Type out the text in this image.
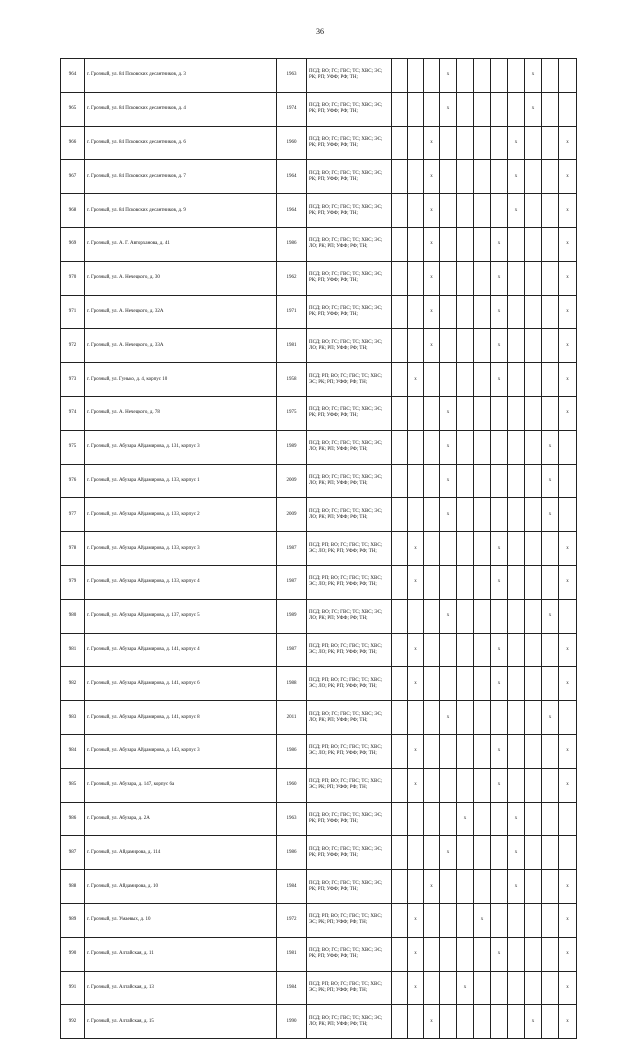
36
964	г. Грозный, ул. 84 Псковских десантников, д. 3	1963	ПСД; ВО; ГС; ГВС; ТС; ХВС; ЭС; РК; РП; УФФ; РФ; ТН;				x					x		
965	г. Грозный, ул. 84 Псковских десантников, д. 4	1974	ПСД; ВО; ГС; ГВС; ТС; ХВС; ЭС; РК; РП; УФФ; РФ; ТН;				x					x		
966	г. Грозный, ул. 84 Псковских десантников, д. 6	1960	ПСД; ВО; ГС; ГВС; ТС; ХВС; ЭС; РК; РП; УФФ; РФ; ТН;			x					x			x
967	г. Грозный, ул. 84 Псковских десантников, д. 7	1964	ПСД; ВО; ГС; ГВС; ТС; ХВС; ЭС; РК; РП; УФФ; РФ; ТН;			x					x			x
968	г. Грозный, ул. 84 Псковских десантников, д. 9	1964	ПСД; ВО; ГС; ГВС; ТС; ХВС; ЭС; РК; РП; УФФ; РФ; ТН;			x					x			x
969	г. Грозный, ул. А. Г. Авторханова, д. 41	1986	ПСД; ВО; ГС; ГВС; ТС; ХВС; ЭС; ЛО; РК; РП; УФФ; РФ; ТН;			x				x				x
970	г. Грозный, ул. А. Нечецкого, д. 30	1962	ПСД; ВО; ГС; ГВС; ТС; ХВС; ЭС; РК; РП; УФФ; РФ; ТН;			x				x				x
971	г. Грозный, ул. А. Нечецкого, д. 32А	1971	ПСД; ВО; ГС; ГВС; ТС; ХВС; ЭС; РК; РП; УФФ; РФ; ТН;			x				x				x
972	г. Грозный, ул. А. Нечецкого, д. 33А	1981	ПСД; ВО; ГС; ГВС; ТС; ХВС; ЭС; ЛО; РК; РП; УФФ; РФ; ТН;			x				x				x
973	г. Грозный, ул. Гунько, д. 4, корпус 10	1958	ПСД; РП; ВО; ГС; ГВС; ТС; ХВС; ЭС; РК; РП; УФФ; РФ; ТН;		x					x				x
974	г. Грозный, ул. А. Нечецкого, д. 78	1975	ПСД; ВО; ГС; ГВС; ТС; ХВС; ЭС; РК; РП; УФФ; РФ; ТН;				x							x
975	г. Грозный, ул. Абузара Айдамирова, д. 131, корпус 3	1989	ПСД; ВО; ГС; ГВС; ТС; ХВС; ЭС; ЛО; РК; РП; УФФ; РФ; ТН;				x						x	
976	г. Грозный, ул. Абузара Айдамирова, д. 133, корпус 1	2009	ПСД; ВО; ГС; ГВС; ТС; ХВС; ЭС; ЛО; РК; РП; УФФ; РФ; ТН;				x						x	
977	г. Грозный, ул. Абузара Айдамирова, д. 133, корпус 2	2009	ПСД; ВО; ГС; ГВС; ТС; ХВС; ЭС; ЛО; РК; РП; УФФ; РФ; ТН;				x						x	
978	г. Грозный, ул. Абузара Айдамирова, д. 133, корпус 3	1987	ПСД; РП; ВО; ГС; ГВС; ТС; ХВС; ЭС; ЛО; РК; РП; УФФ; РФ; ТН;		x					x				x
979	г. Грозный, ул. Абузара Айдамирова, д. 133, корпус 4	1987	ПСД; РП; ВО; ГС; ГВС; ТС; ХВС; ЭС; ЛО; РК; РП; УФФ; РФ; ТН;		x					x				x
980	г. Грозный, ул. Абузара Айдамирова, д. 137, корпус 5	1989	ПСД; ВО; ГС; ГВС; ТС; ХВС; ЭС; ЛО; РК; РП; УФФ; РФ; ТН;				x						x	
981	г. Грозный, ул. Абузара Айдамирова, д. 141, корпус 4	1987	ПСД; РП; ВО; ГС; ГВС; ТС; ХВС; ЭС; ЛО; РК; РП; УФФ; РФ; ТН;		x					x				x
982	г. Грозный, ул. Абузара Айдамирова, д. 141, корпус 6	1988	ПСД; РП; ВО; ГС; ГВС; ТС; ХВС; ЭС; ЛО; РК; РП; УФФ; РФ; ТН;		x					x				x
983	г. Грозный, ул. Абузара Айдамирова, д. 141, корпус 8	2011	ПСД; ВО; ГС; ГВС; ТС; ХВС; ЭС; ЛО; РК; РП; УФФ; РФ; ТН;				x						x	
984	г. Грозный, ул. Абузара Айдамирова, д. 143, корпус 3	1986	ПСД; РП; ВО; ГС; ГВС; ТС; ХВС; ЭС; ЛО; РК; РП; УФФ; РФ; ТН;		x					x				x
985	г. Грозный, ул. Абузара, д. 147, корпус 6а	1960	ПСД; РП; ВО; ГС; ГВС; ТС; ХВС; ЭС; РК; РП; УФФ; РФ; ТН;		x					x				x
986	г. Грозный, ул. Абузара, д. 2А	1963	ПСД; ВО; ГС; ГВС; ТС; ХВС; ЭС; РК; РП; УФФ; РФ; ТН;					x			x			
987	г. Грозный, ул. Айдамирова, д. 114	1986	ПСД; ВО; ГС; ГВС; ТС; ХВС; ЭС; РК; РП; УФФ; РФ; ТН;				x				x			
988	г. Грозный, ул. Айдамирова, д. 10	1984	ПСД; ВО; ГС; ГВС; ТС; ХВС; ЭС; РК; РП; УФФ; РФ; ТН;			x					x			x
989	г. Грозный, ул. Умаевых, д. 10	1972	ПСД; РП; ВО; ГС; ГВС; ТС; ХВС; ЭС; РК; РП; УФФ; РФ; ТН;		x				x					x
990	г. Грозный, ул. Алтайская, д. 11	1981	ПСД; ВО; ГС; ГВС; ТС; ХВС; ЭС; РК; РП; УФФ; РФ; ТН;		x					x				x
991	г. Грозный, ул. Алтайская, д. 13	1984	ПСД; РП; ВО; ГС; ГВС; ТС; ХВС; ЭС; РК; РП; УФФ; РФ; ТН;		x			x						x
992	г. Грозный, ул. Алтайская, д. 15	1990	ПСД; ВО; ГС; ГВС; ТС; ХВС; ЭС; ЛО; РК; РП; УФФ; РФ; ТН;			x						x		x
